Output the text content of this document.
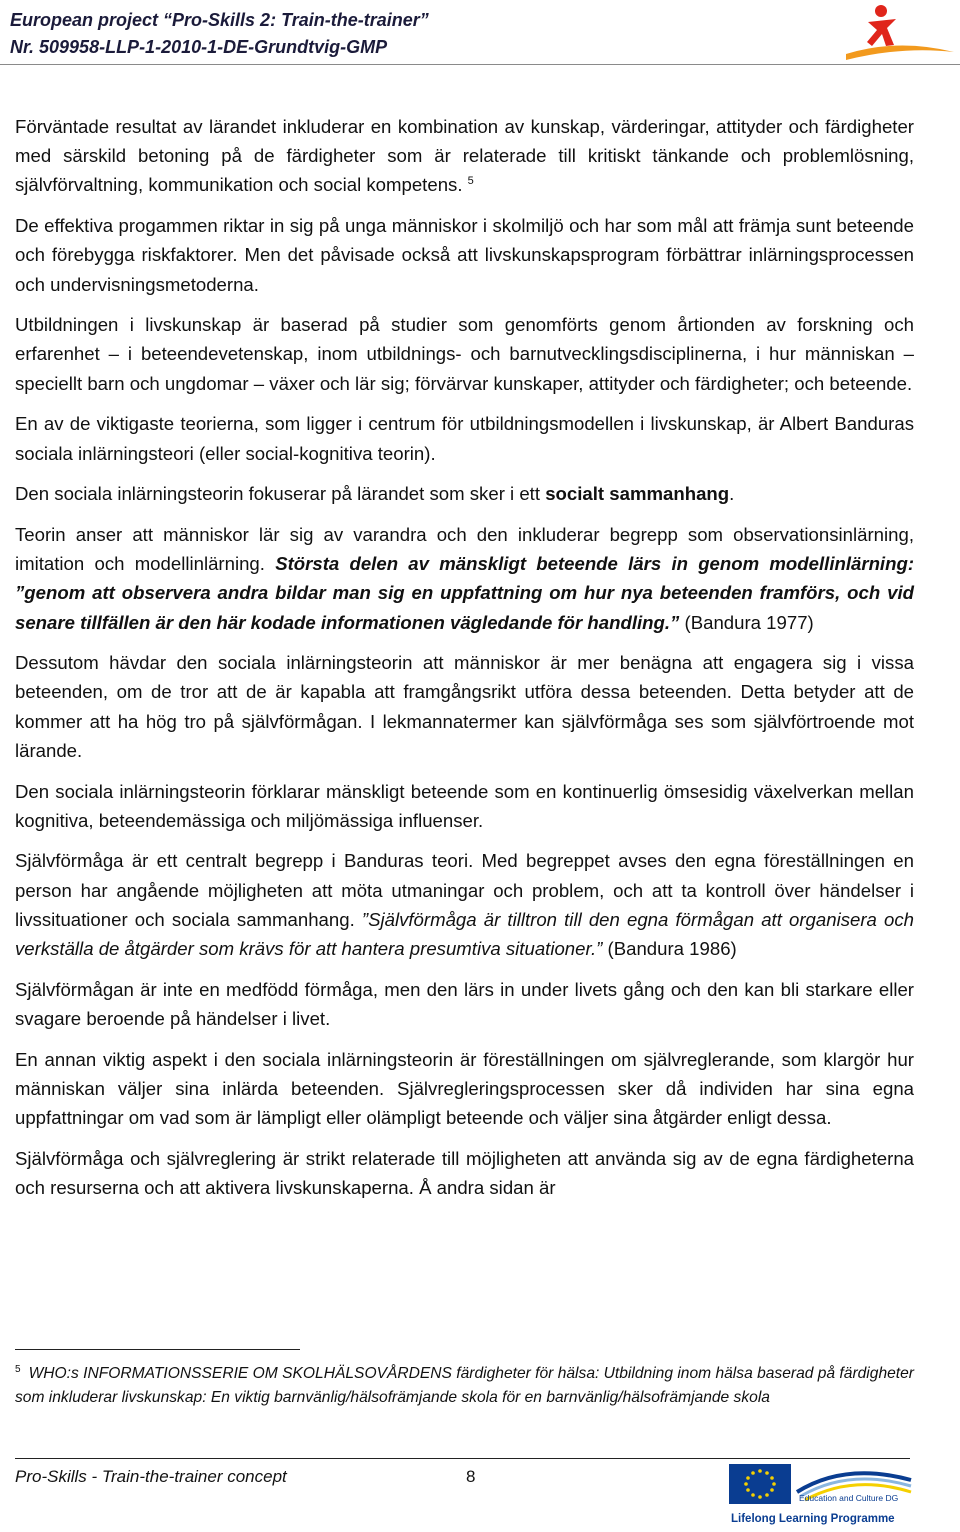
European project “Pro-Skills 2: Train-the-trainer”
Nr. 509958-LLP-1-2010-1-DE-Grundtvig-GMP

Förväntade resultat av lärandet inkluderar en kombination av kunskap, värderingar, attityder och färdigheter med särskild betoning på de färdigheter som är relaterade till kritiskt tänkande och problemlösning, självförvaltning, kommunikation och social kompetens. $^5$

De effektiva progammen riktar in sig på unga människor i skolmiljö och har som mål att främja sunt beteende och förebygga riskfaktorer. Men det påvisade också att livskunskapsprogram förbättrar inlärningsprocessen och undervisningsmetoderna.

Utbildningen i livskunskap är baserad på studier som genomförts genom årtionden av forskning och erfarenhet – i beteendevetenskap, inom utbildnings- och barnutvecklingsdisciplinerna, i hur människan – speciellt barn och ungdomar – växer och lär sig; förvärvar kunskaper, attityder och färdigheter; och beteende.

En av de viktigaste teorierna, som ligger i centrum för utbildningsmodellen i livskunskap, är Albert Banduras sociala inlärningsteori (eller social-kognitiva teorin).

Den sociala inlärningsteorin fokuserar på lärandet som sker i ett socialt sammanhang.

Teorin anser att människor lär sig av varandra och den inkluderar begrepp som observationsinlärning, imitation och modellinlärning. Största delen av mänskligt beteende lärs in genom modellinlärning: ”genom att observera andra bildar man sig en uppfattning om hur nya beteenden framförs, och vid senare tillfällen är den här kodade informationen vägledande för handling.” (Bandura 1977)

Dessutom hävdar den sociala inlärningsteorin att människor är mer benägna att engagera sig i vissa beteenden, om de tror att de är kapabla att framgångsrikt utföra dessa beteenden. Detta betyder att de kommer att ha hög tro på självförmågan. I lekmannatermer kan självförmåga ses som självförtroende mot lärande.

Den sociala inlärningsteorin förklarar mänskligt beteende som en kontinuerlig ömsesidig växelverkan mellan kognitiva, beteendemässiga och miljömässiga influenser.

Självförmåga är ett centralt begrepp i Banduras teori. Med begreppet avses den egna föreställningen en person har angående möjligheten att möta utmaningar och problem, och att ta kontroll över händelser i livssituationer och sociala sammanhang. ”Självförmåga är tilltron till den egna förmågan att organisera och verkställa de åtgärder som krävs för att hantera presumtiva situationer.” (Bandura 1986)

Självförmågan är inte en medfödd förmåga, men den lärs in under livets gång och den kan bli starkare eller svagare beroende på händelser i livet.

En annan viktig aspekt i den sociala inlärningsteorin är föreställningen om självreglerande, som klargör hur människan väljer sina inlärda beteenden. Självregleringsprocessen sker då individen har sina egna uppfattningar om vad som är lämpligt eller olämpligt beteende och väljer sina åtgärder enligt dessa.

Självförmåga och självreglering är strikt relaterade till möjligheten att använda sig av de egna färdigheterna och resurserna och att aktivera livskunskaperna. Å andra sidan är

$^5$ WHO:s INFORMATIONSSERIE OM SKOLHÄLSOVÅRDENS färdigheter för hälsa: Utbildning inom hälsa baserad på färdigheter som inkluderar livskunskap: En viktig barnvänlig/hälsofrämjande skola för en barnvänlig/hälsofrämjande skola
Pro-Skills - Train-the-trainer concept	8
Education and Culture DG
Lifelong Learning Programme
